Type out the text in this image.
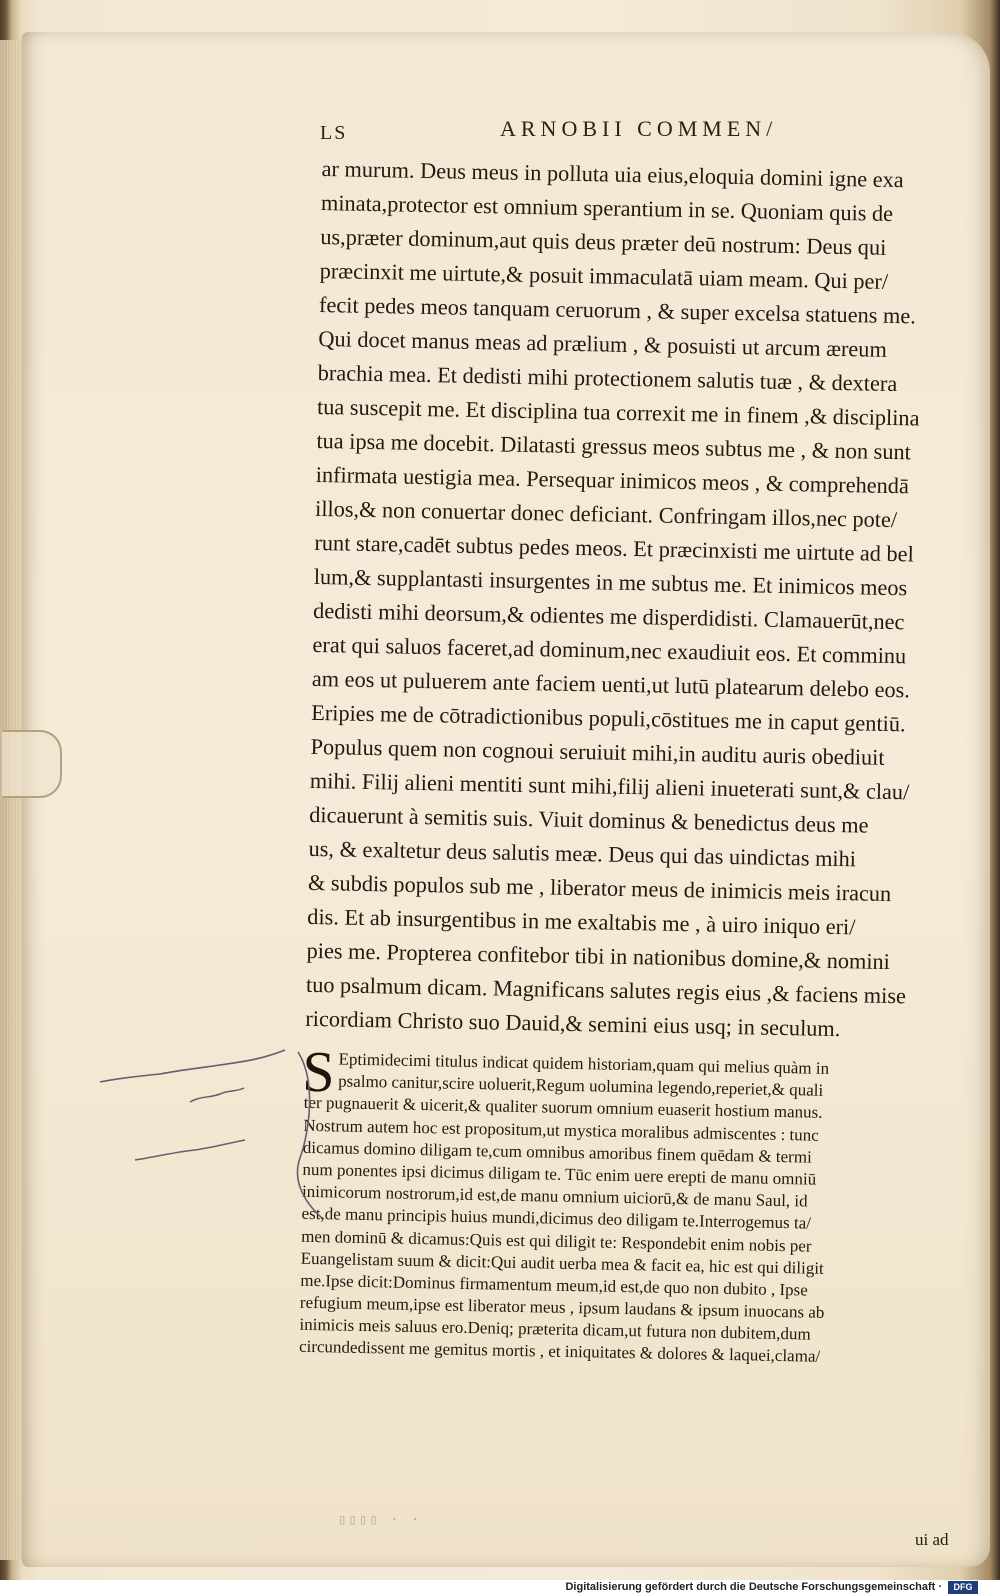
LS	ARNOBII COMMEN/
ar murum. Deus meus in polluta uia eius,eloquia domini igne exa
minata,protector est omnium sperantium in se. Quoniam quis de
us,præter dominum,aut quis deus præter deū nostrum: Deus qui
præcinxit me uirtute,& posuit immaculatā uiam meam. Qui per/
fecit pedes meos tanquam ceruorum , & super excelsa statuens me.
Qui docet manus meas ad prælium , & posuisti ut arcum æreum
brachia mea. Et dedisti mihi protectionem salutis tuæ , & dextera
tua suscepit me. Et disciplina tua correxit me in finem ,& disciplina
tua ipsa me docebit. Dilatasti gressus meos subtus me , & non sunt
infirmata uestigia mea. Persequar inimicos meos , & comprehendā
illos,& non conuertar donec deficiant. Confringam illos,nec pote/
runt stare,cadēt subtus pedes meos. Et præcinxisti me uirtute ad bel
lum,& supplantasti insurgentes in me subtus me. Et inimicos meos
dedisti mihi deorsum,& odientes me disperdidisti. Clamauerūt,nec
erat qui saluos faceret,ad dominum,nec exaudiuit eos. Et comminu
am eos ut puluerem ante faciem uenti,ut lutū platearum delebo eos.
Eripies me de cōtradictionibus populi,cōstitues me in caput gentiū.
Populus quem non cognoui seruiuit mihi,in auditu auris obediuit
mihi. Filij alieni mentiti sunt mihi,filij alieni inueterati sunt,& clau/
dicauerunt à semitis suis. Viuit dominus & benedictus deus me
us, & exaltetur deus salutis meæ. Deus qui das uindictas mihi
& subdis populos sub me , liberator meus de inimicis meis iracun
dis. Et ab insurgentibus in me exaltabis me , à uiro iniquo eri/
pies me. Propterea confitebor tibi in nationibus domine,& nomini
tuo psalmum dicam. Magnificans salutes regis eius ,& faciens mise
ricordiam Christo suo Dauid,& semini eius usq; in seculum.
S Eptimidecimi titulus indicat quidem historiam,quam qui melius quàm in
psalmo canitur,scire uoluerit,Regum uolumina legendo,reperiet,& quali
ter pugnauerit & uicerit,& qualiter suorum omnium euaserit hostium manus.
Nostrum autem hoc est propositum,ut mystica moralibus admiscentes : tunc
dicamus domino diligam te,cum omnibus amoribus finem quēdam & termi
num ponentes ipsi dicimus diligam te. Tūc enim uere erepti de manu omniū
inimicorum nostrorum,id est,de manu omnium uiciorū,& de manu Saul, id
est,de manu principis huius mundi,dicimus deo diligam te.Interrogemus ta/
men dominū & dicamus:Quis est qui diligit te: Respondebit enim nobis per
Euangelistam suum & dicit:Qui audit uerba mea & facit ea, hic est qui diligit
me.Ipse dicit:Dominus firmamentum meum,id est,de quo non dubito , Ipse
refugium meum,ipse est liberator meus , ipsum laudans & ipsum inuocans ab
inimicis meis saluus ero.Deniq; præterita dicam,ut futura non dubitem,dum
circundedissent me gemitus mortis , et iniquitates & dolores & laquei,clama/
ui ad
▯▯▯▯ · ·
Digitalisierung gefördert durch die Deutsche Forschungsgemeinschaft ·	DFG
